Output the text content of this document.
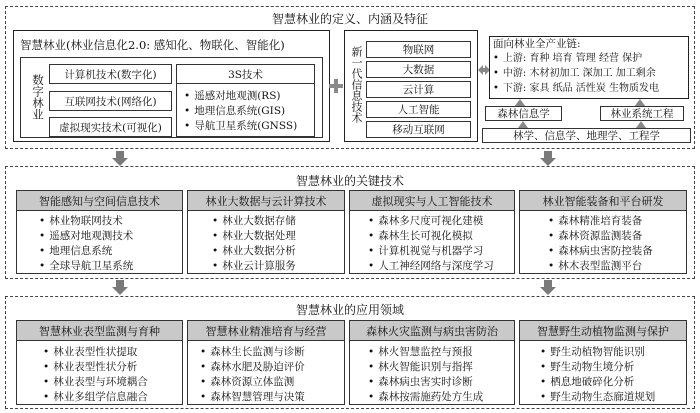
智慧林业的定义、内涵及特征
智慧林业(林业信息化2.0: 感知化、物联化、智能化)
数字林业	计算机技术(数字化)
互联网技术(网络化)
虚拟现实技术(可视化)
3S技术
• 遥感对地观测(RS)
• 地理信息系统(GIS)
• 导航卫星系统(GNSS)
新一代信息技术	物联网
大数据
云计算
人工智能
移动互联网
面向林业全产业链:
• 上游: 育种 培育 管理 经营 保护
• 中游: 木材初加工 深加工 加工剩余
• 下游: 家具 纸品 活性炭 生物质发电
森林信息学	林业系统工程
林学、信息学、地理学、工程学
智慧林业的关键技术
智能感知与空间信息技术
• 林业物联网技术
• 遥感对地观测技术
• 地理信息系统
• 全球导航卫星系统
林业大数据与云计算技术
• 林业大数据存储
• 林业大数据处理
• 林业大数据分析
• 林业云计算服务
虚拟现实与人工智能技术
• 森林多尺度可视化建模
• 森林生长可视化模拟
• 计算机视觉与机器学习
• 人工神经网络与深度学习
林业智能装备和平台研发
• 森林精准培育装备
• 森林资源监测装备
• 森林病虫害防控装备
• 林木表型监测平台
智慧林业的应用领域
智慧林业表型监测与育种
• 林业表型性状提取
• 林业表型性状分析
• 林业表型与环境耦合
• 林业多组学信息融合
智慧林业精准培育与经营
• 森林生长监测与诊断
• 森林水肥及胁迫评价
• 森林资源立体监测
• 森林智慧管理与决策
森林火灾监测与病虫害防治
• 林火智慧监控与预报
• 林火智能识别与指挥
• 森林病虫害实时诊断
• 森林按需施药处方生成
智慧野生动植物监测与保护
• 野生动植物智能识别
• 野生动物生境分析
• 栖息地破碎化分析
• 野生动物生态廊道规划
